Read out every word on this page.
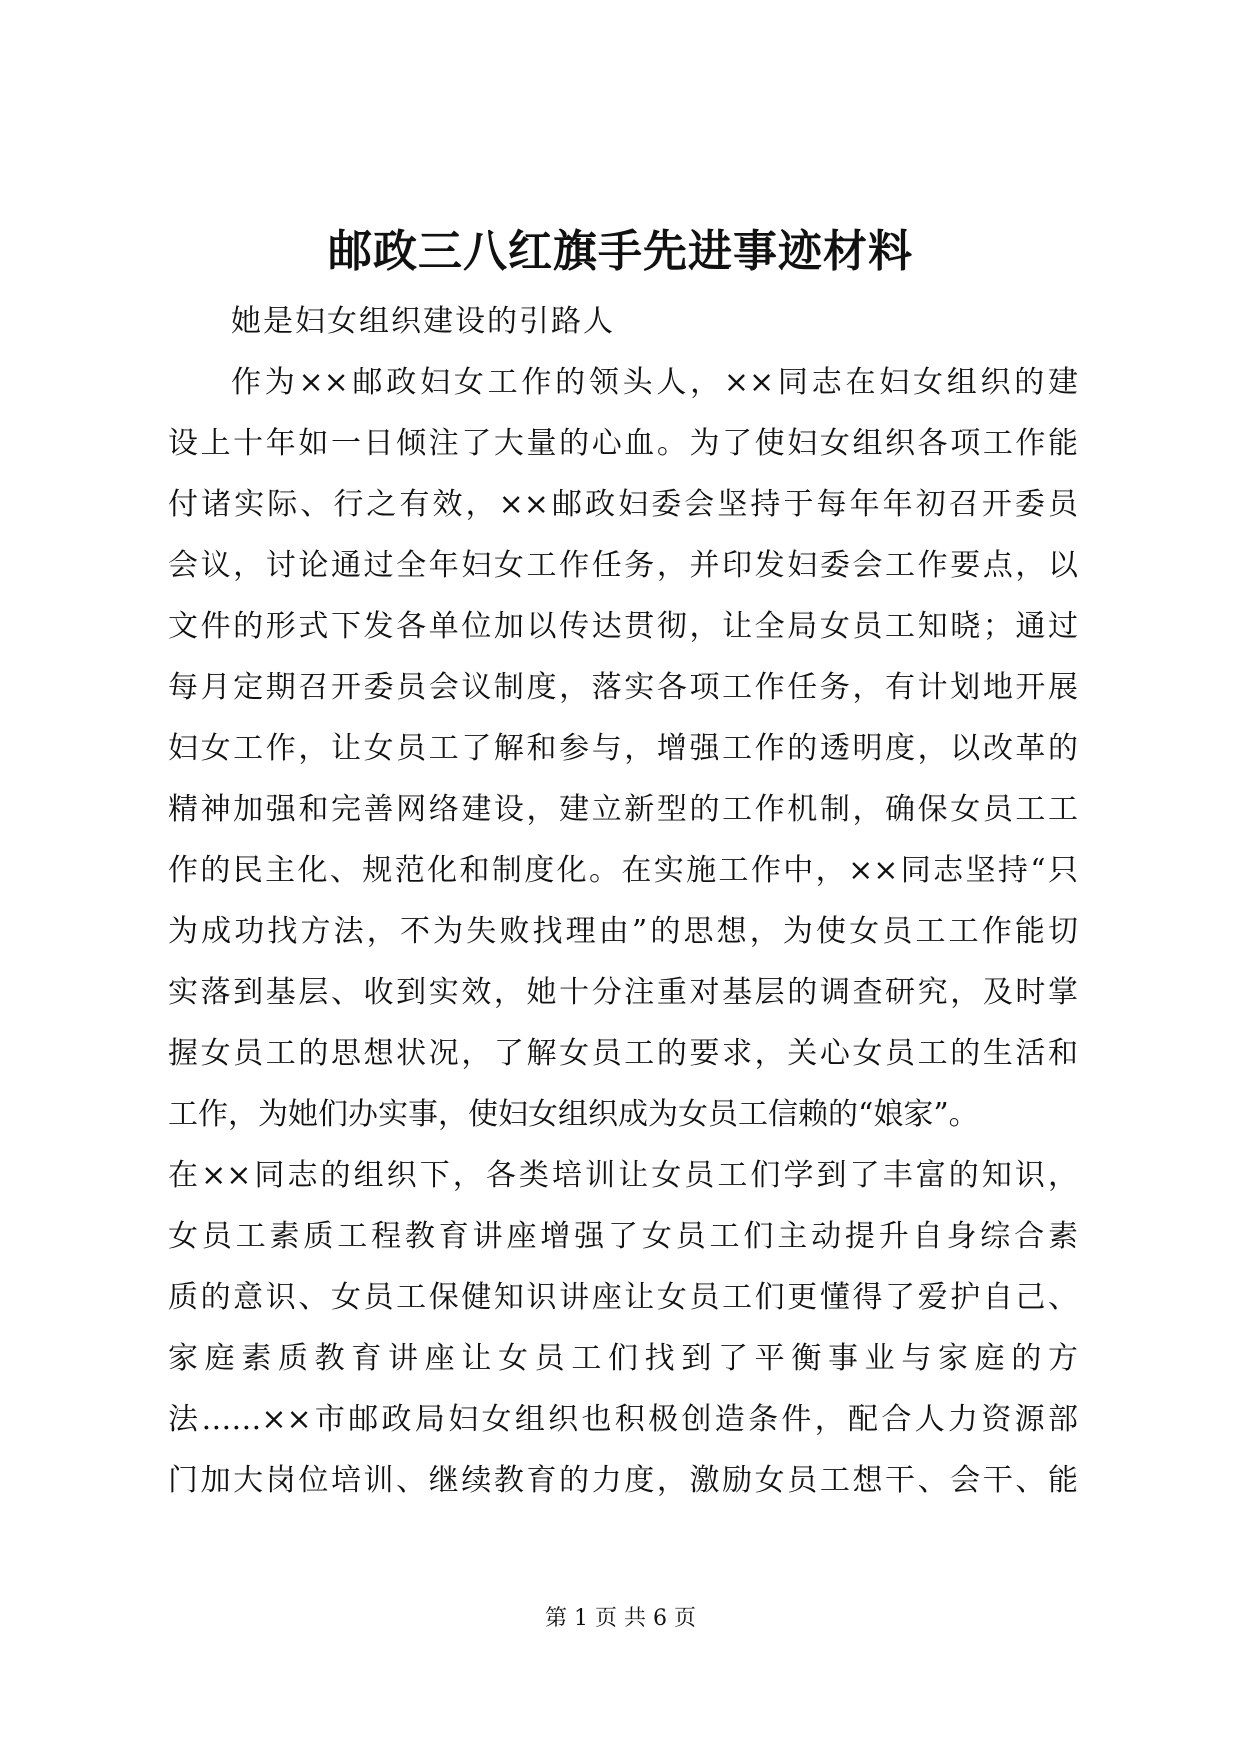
邮政三八红旗手先进事迹材料
她是妇女组织建设的引路人
作为××邮政妇女工作的领头人，××同志在妇女组织的建
设上十年如一日倾注了大量的心血。为了使妇女组织各项工作能
付诸实际、行之有效，××邮政妇委会坚持于每年年初召开委员
会议，讨论通过全年妇女工作任务，并印发妇委会工作要点，以
文件的形式下发各单位加以传达贯彻，让全局女员工知晓；通过
每月定期召开委员会议制度，落实各项工作任务，有计划地开展
妇女工作，让女员工了解和参与，增强工作的透明度，以改革的
精神加强和完善网络建设，建立新型的工作机制，确保女员工工
作的民主化、规范化和制度化。在实施工作中，××同志坚持“只
为成功找方法，不为失败找理由”的思想，为使女员工工作能切
实落到基层、收到实效，她十分注重对基层的调查研究，及时掌
握女员工的思想状况，了解女员工的要求，关心女员工的生活和
工作，为她们办实事，使妇女组织成为女员工信赖的“娘家”。
在××同志的组织下，各类培训让女员工们学到了丰富的知识，
女员工素质工程教育讲座增强了女员工们主动提升自身综合素
质的意识、女员工保健知识讲座让女员工们更懂得了爱护自己、
家庭素质教育讲座让女员工们找到了平衡事业与家庭的方
法……××市邮政局妇女组织也积极创造条件，配合人力资源部
门加大岗位培训、继续教育的力度，激励女员工想干、会干、能
第 1 页 共 6 页
